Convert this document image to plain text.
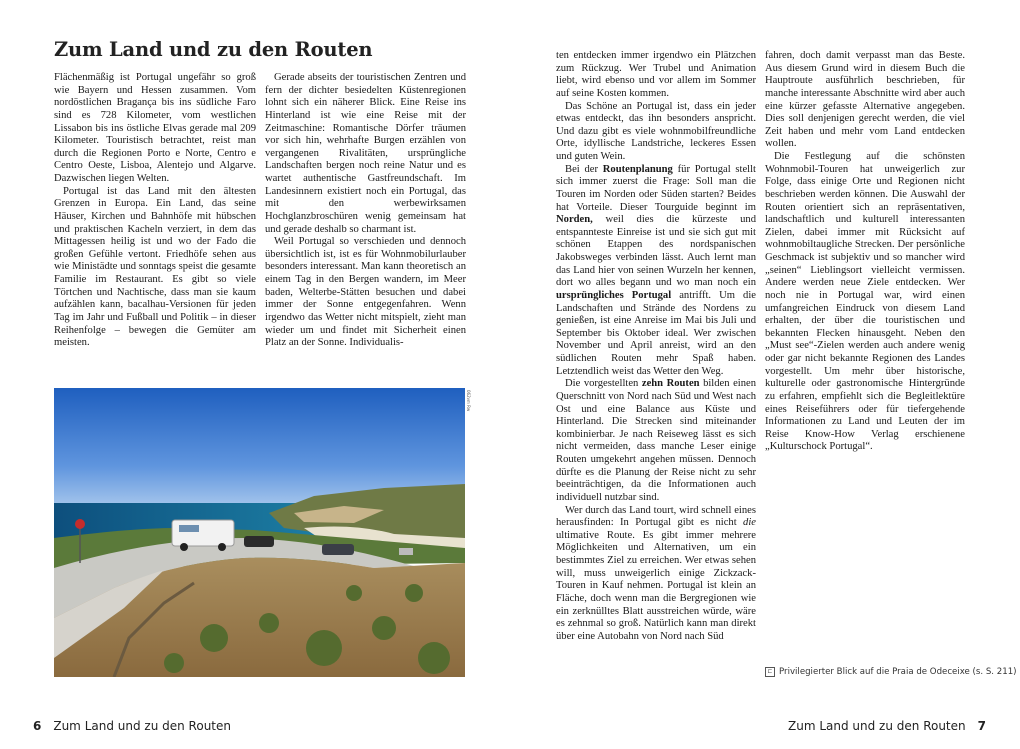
Zum Land und zu den Routen

Flächenmäßig ist Portugal ungefähr so groß wie Bayern und Hessen zusammen. Vom nordöstlichen Bragança bis ins südliche Faro sind es 728 Kilometer, vom westlichen Lissabon bis ins östliche Elvas gerade mal 209 Kilometer. Touristisch betrachtet, reist man durch die Regionen Porto e Norte, Centro e Centro Oeste, Lisboa, Alentejo und Algarve. Dazwischen liegen Welten.

Portugal ist das Land mit den ältesten Grenzen in Europa. Ein Land, das seine Häuser, Kirchen und Bahnhöfe mit hübschen und praktischen Kacheln verziert, in dem das Mittagessen heilig ist und wo der Fado die großen Gefühle vertont. Friedhöfe sehen aus wie Ministädte und sonntags speist die gesamte Familie im Restaurant. Es gibt so viele Törtchen und Nachtische, dass man sie kaum aufzählen kann, bacalhau-Versionen für jeden Tag im Jahr und Fußball und Politik – in dieser Reihenfolge – bewegen die Gemüter am meisten.

Gerade abseits der touristischen Zentren und fern der dichter besiedelten Küstenregionen lohnt sich ein näherer Blick. Eine Reise ins Hinterland ist wie eine Reise mit der Zeitmaschine: Romantische Dörfer träumen vor sich hin, wehrhafte Burgen erzählen von vergangenen Rivalitäten, ursprüngliche Landschaften bergen noch reine Natur und es wartet authentische Gastfreundschaft. Im Landesinnern existiert noch ein Portugal, das mit den werbewirksamen Hochglanzbroschüren wenig gemeinsam hat und gerade deshalb so charmant ist.

Weil Portugal so verschieden und dennoch übersichtlich ist, ist es für Wohnmobilurlauber besonders interessant. Man kann theoretisch an einem Tag in den Bergen wandern, im Meer baden, Welterbe-Stätten besuchen und dabei immer der Sonne entgegenfahren. Wenn irgendwo das Wetter nicht mitspielt, zieht man wieder um und findet mit Sicherheit einen Platz an der Sonne. Individualis-

062vm Rw

ten entdecken immer irgendwo ein Plätzchen zum Rückzug. Wer Trubel und Animation liebt, wird ebenso und vor allem im Sommer auf seine Kosten kommen.

Das Schöne an Portugal ist, dass ein jeder etwas entdeckt, das ihn besonders anspricht. Und dazu gibt es viele wohnmobilfreundliche Orte, idyllische Landstriche, leckeres Essen und guten Wein.

Bei der Routenplanung für Portugal stellt sich immer zuerst die Frage: Soll man die Touren im Norden oder Süden starten? Beides hat Vorteile. Dieser Tourguide beginnt im Norden, weil dies die kürzeste und entspannteste Einreise ist und sie sich gut mit schönen Etappen des nordspanischen Jakobsweges verbinden lässt. Auch lernt man das Land hier von seinen Wurzeln her kennen, dort wo alles begann und wo man noch ein ursprüngliches Portugal antrifft. Um die Landschaften und Strände des Nordens zu genießen, ist eine Anreise im Mai bis Juli und September bis Oktober ideal. Wer zwischen November und April anreist, wird an den südlichen Routen mehr Spaß haben. Letztendlich weist das Wetter den Weg.

Die vorgestellten zehn Routen bilden einen Querschnitt von Nord nach Süd und West nach Ost und eine Balance aus Küste und Hinterland. Die Strecken sind miteinander kombinierbar. Je nach Reiseweg lässt es sich nicht vermeiden, dass manche Leser einige Routen umgekehrt angehen müssen. Dennoch dürfte es die Planung der Reise nicht zu sehr beeinträchtigen, da die Informationen auch individuell nutzbar sind.

Wer durch das Land tourt, wird schnell eines herausfinden: In Portugal gibt es nicht die ultimative Route. Es gibt immer mehrere Möglichkeiten und Alternativen, um ein bestimmtes Ziel zu erreichen. Wer etwas sehen will, muss unweigerlich einige Zickzack-Touren in Kauf nehmen. Portugal ist klein an Fläche, doch wenn man die Bergregionen wie ein zerknülltes Blatt ausstreichen würde, wäre es zehnmal so groß. Natürlich kann man direkt über eine Autobahn von Nord nach Süd

fahren, doch damit verpasst man das Beste. Aus diesem Grund wird in diesem Buch die Hauptroute ausführlich beschrieben, für manche interessante Abschnitte wird aber auch eine kürzer gefasste Alternative angegeben. Dies soll denjenigen gerecht werden, die viel Zeit haben und mehr vom Land entdecken wollen.

Die Festlegung auf die schönsten Wohnmobil-Touren hat unweigerlich zur Folge, dass einige Orte und Regionen nicht beschrieben werden können. Die Auswahl der Routen orientiert sich an repräsentativen, landschaftlich und kulturell interessanten Zielen, dabei immer mit Rücksicht auf wohnmobiltaugliche Strecken. Der persönliche Geschmack ist subjektiv und so mancher wird „seinen“ Lieblingsort vielleicht vermissen. Andere werden neue Ziele entdecken. Wer noch nie in Portugal war, wird einen umfangreichen Eindruck von diesem Land erhalten, der über die touristischen und bekannten Flecken hinausgeht. Neben den „Must see“-Zielen werden auch andere wenig oder gar nicht bekannte Regionen des Landes vorgestellt. Um mehr über historische, kulturelle oder gastronomische Hintergründe zu erfahren, empfiehlt sich die Begleitlektüre eines Reiseführers oder für tiefergehende Informationen zu Land und Leuten der im Reise Know-How Verlag erschienene „Kulturschock Portugal“.

⊏ Privilegierter Blick auf die Praia de Odeceixe (s. S. 211)
6 Zum Land und zu den Routen	Zum Land und zu den Routen 7
